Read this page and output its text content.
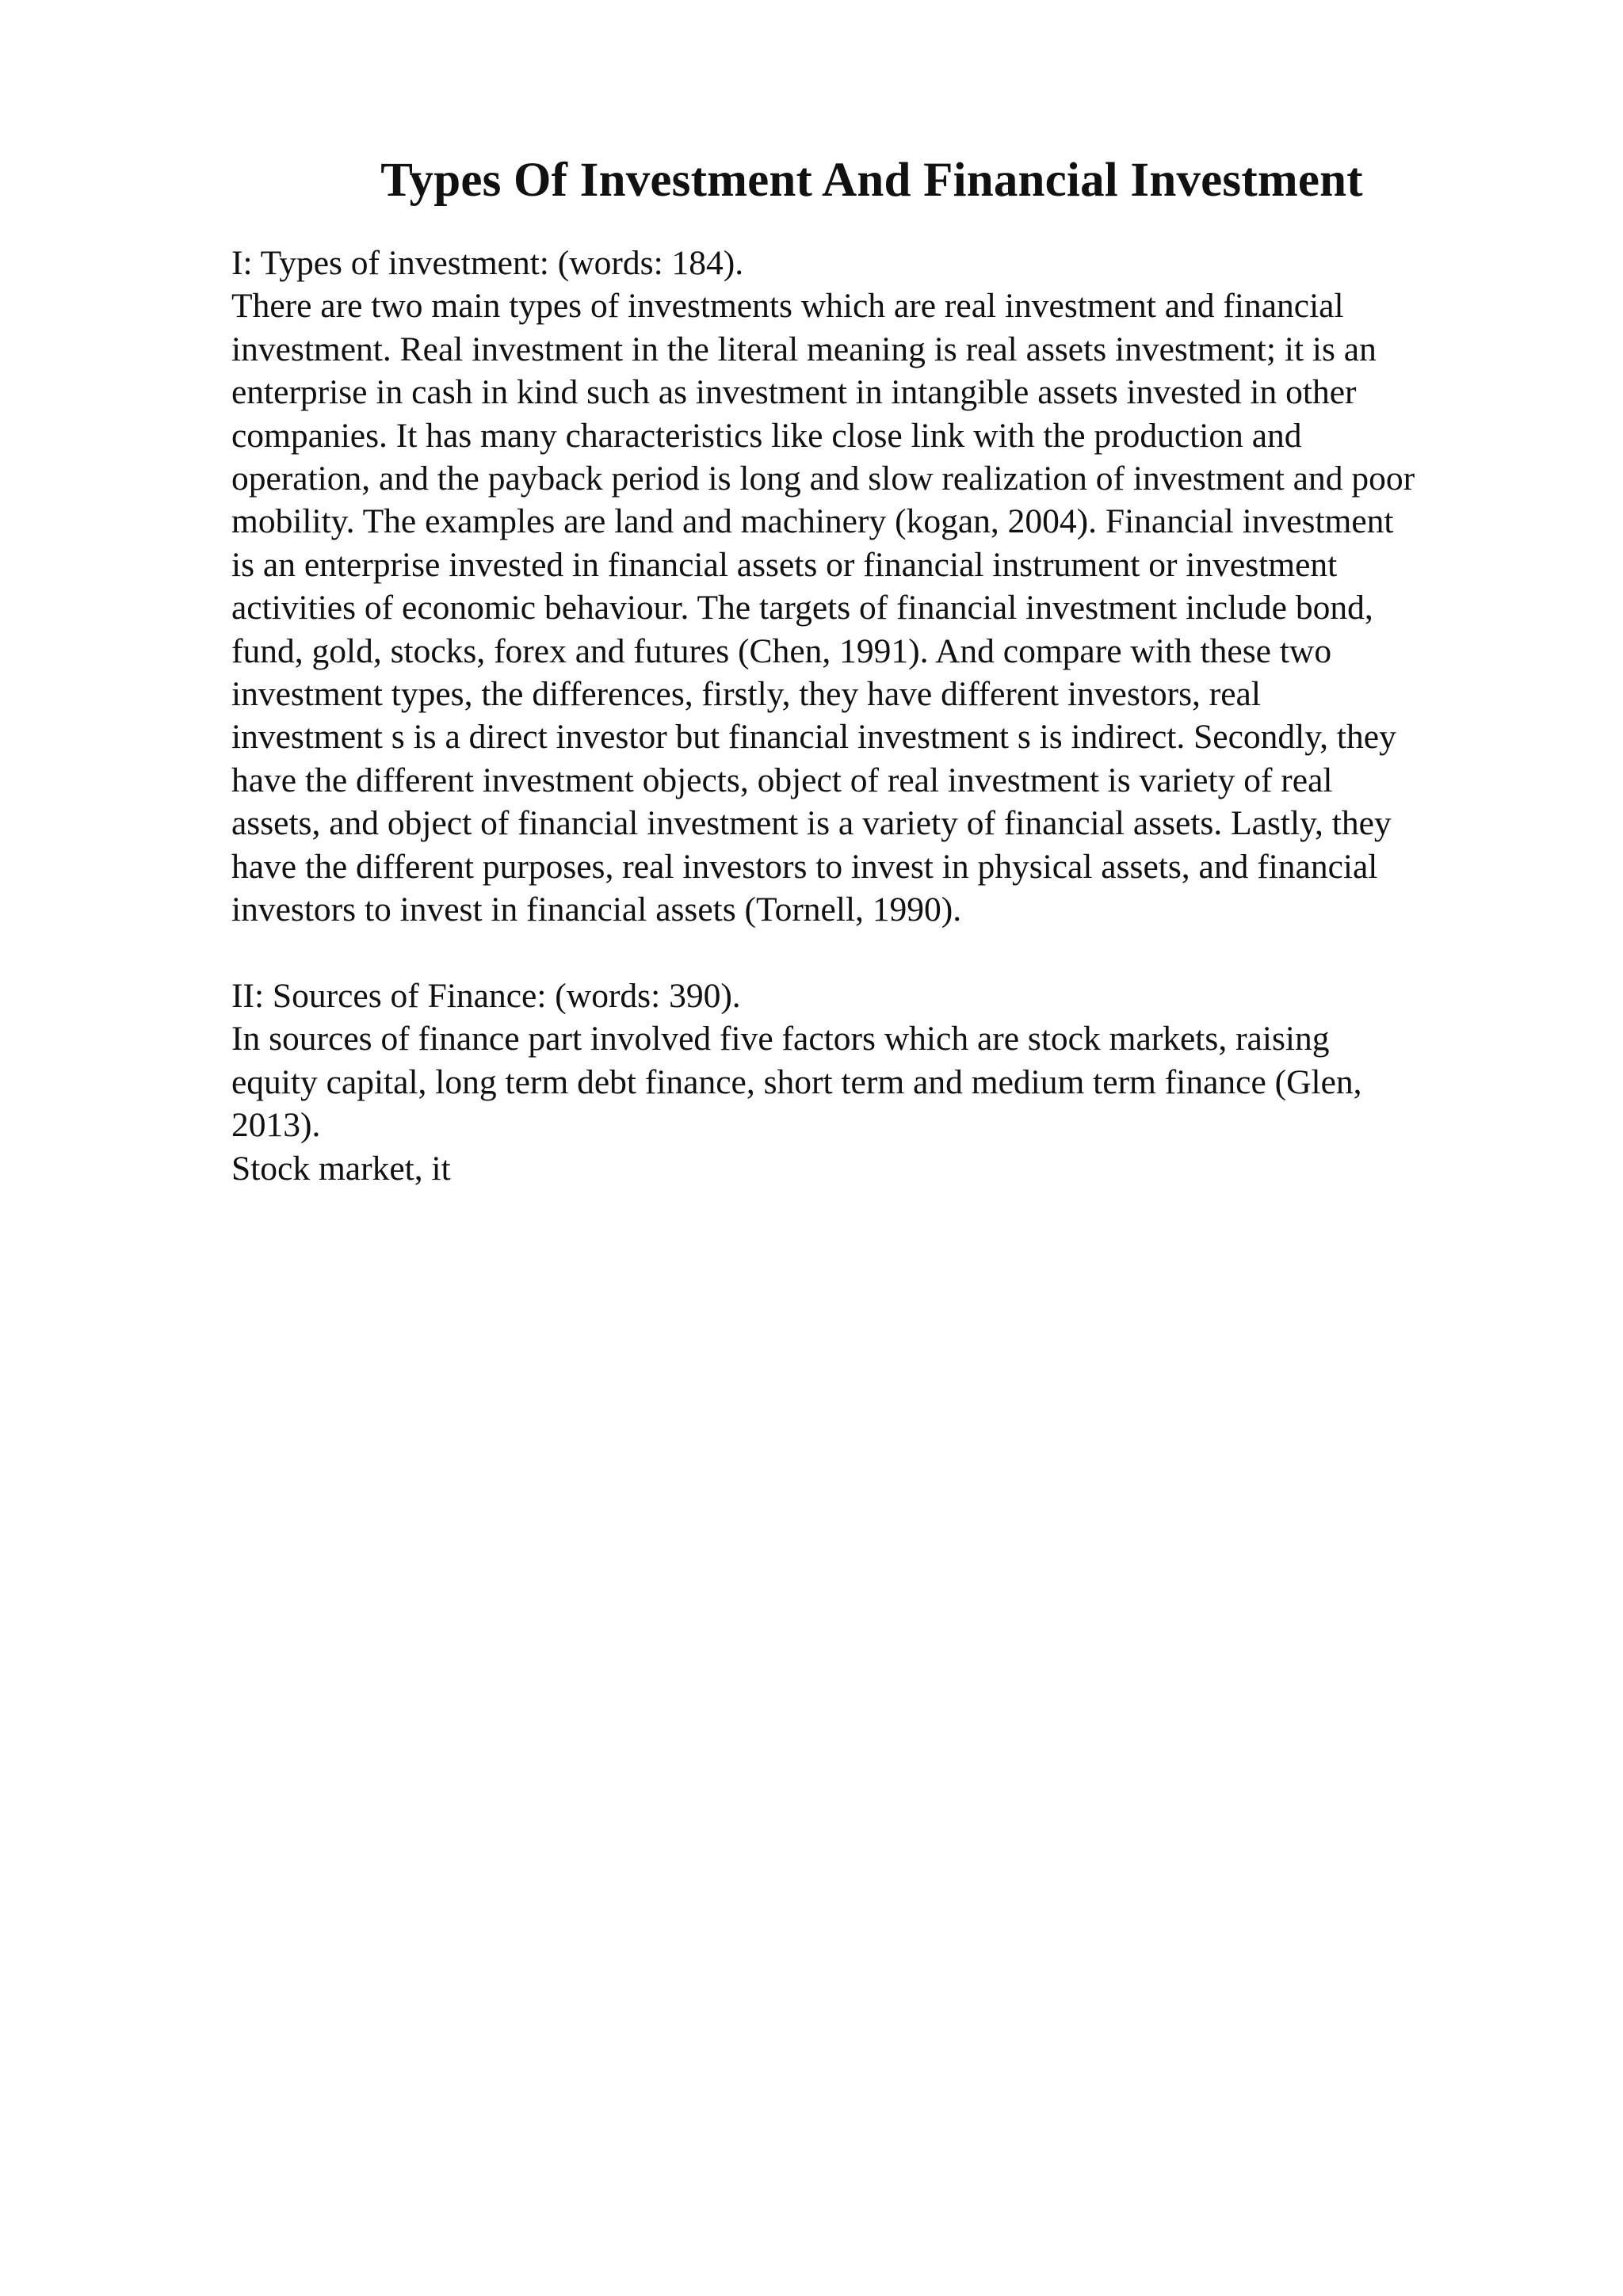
Types Of Investment And Financial Investment
I: Types of investment: (words: 184).
There are two main types of investments which are real investment and financial
investment. Real investment in the literal meaning is real assets investment; it is an
enterprise in cash in kind such as investment in intangible assets invested in other
companies. It has many characteristics like close link with the production and
operation, and the payback period is long and slow realization of investment and poor
mobility. The examples are land and machinery (kogan, 2004). Financial investment
is an enterprise invested in financial assets or financial instrument or investment
activities of economic behaviour. The targets of financial investment include bond,
fund, gold, stocks, forex and futures (Chen, 1991). And compare with these two
investment types, the differences, firstly, they have different investors, real
investment s is a direct investor but financial investment s is indirect. Secondly, they
have the different investment objects, object of real investment is variety of real
assets, and object of financial investment is a variety of financial assets. Lastly, they
have the different purposes, real investors to invest in physical assets, and financial
investors to invest in financial assets (Tornell, 1990).
II: Sources of Finance: (words: 390).
In sources of finance part involved five factors which are stock markets, raising
equity capital, long term debt finance, short term and medium term finance (Glen,
2013).
Stock market, it
